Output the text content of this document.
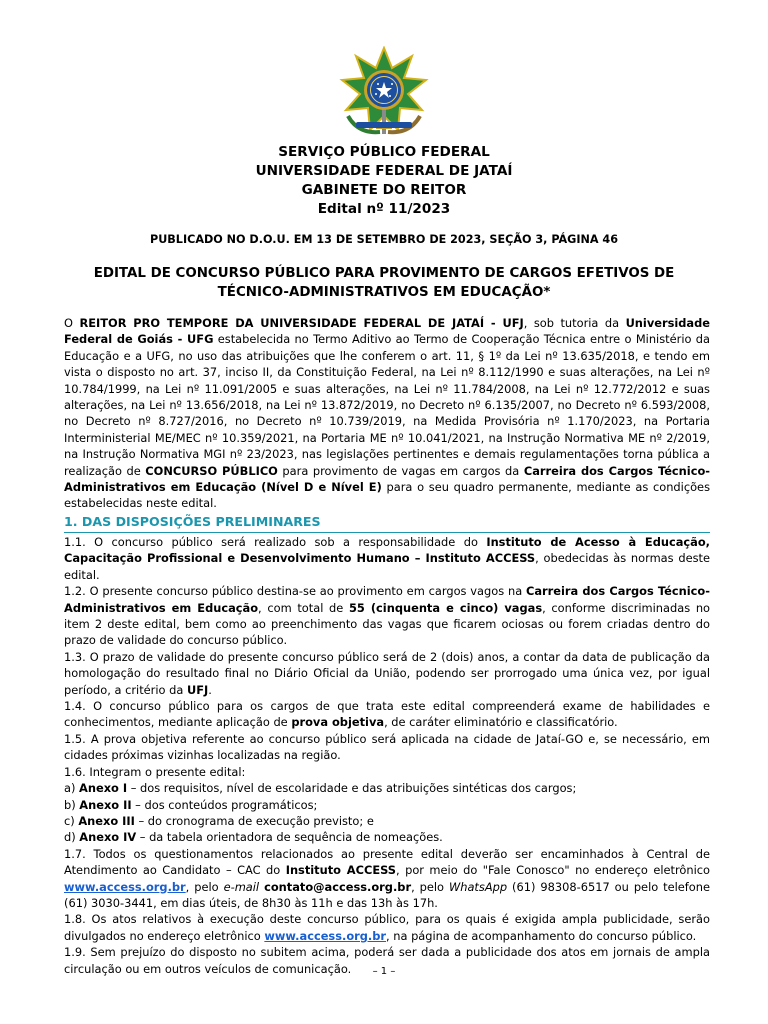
SERVIÇO PÚBLICO FEDERAL
UNIVERSIDADE FEDERAL DE JATAÍ
GABINETE DO REITOR
Edital nº 11/2023
PUBLICADO NO D.O.U. EM 13 DE SETEMBRO DE 2023, SEÇÃO 3, PÁGINA 46
EDITAL DE CONCURSO PÚBLICO PARA PROVIMENTO DE CARGOS EFETIVOS DE
TÉCNICO-ADMINISTRATIVOS EM EDUCAÇÃO*
O REITOR PRO TEMPORE DA UNIVERSIDADE FEDERAL DE JATAÍ - UFJ, sob tutoria da Universidade Federal de Goiás - UFG estabelecida no Termo Aditivo ao Termo de Cooperação Técnica entre o Ministério da Educação e a UFG, no uso das atribuições que lhe conferem o art. 11, § 1º da Lei nº 13.635/2018, e tendo em vista o disposto no art. 37, inciso II, da Constituição Federal, na Lei nº 8.112/1990 e suas alterações, na Lei nº 10.784/1999, na Lei nº 11.091/2005 e suas alterações, na Lei nº 11.784/2008, na Lei nº 12.772/2012 e suas alterações, na Lei nº 13.656/2018, na Lei nº 13.872/2019, no Decreto nº 6.135/2007, no Decreto nº 6.593/2008, no Decreto nº 8.727/2016, no Decreto nº 10.739/2019, na Medida Provisória nº 1.170/2023, na Portaria Interministerial ME/MEC nº 10.359/2021, na Portaria ME nº 10.041/2021, na Instrução Normativa ME nº 2/2019, na Instrução Normativa MGI nº 23/2023, nas legislações pertinentes e demais regulamentações torna pública a realização de CONCURSO PÚBLICO para provimento de vagas em cargos da Carreira dos Cargos Técnico-Administrativos em Educação (Nível D e Nível E) para o seu quadro permanente, mediante as condições estabelecidas neste edital.
1. DAS DISPOSIÇÕES PRELIMINARES

1.1. O concurso público será realizado sob a responsabilidade do Instituto de Acesso à Educação, Capacitação Profissional e Desenvolvimento Humano – Instituto ACCESS, obedecidas às normas deste edital.

1.2. O presente concurso público destina-se ao provimento em cargos vagos na Carreira dos Cargos Técnico-Administrativos em Educação, com total de 55 (cinquenta e cinco) vagas, conforme discriminadas no item 2 deste edital, bem como ao preenchimento das vagas que ficarem ociosas ou forem criadas dentro do prazo de validade do concurso público.

1.3. O prazo de validade do presente concurso público será de 2 (dois) anos, a contar da data de publicação da homologação do resultado final no Diário Oficial da União, podendo ser prorrogado uma única vez, por igual período, a critério da UFJ.

1.4. O concurso público para os cargos de que trata este edital compreenderá exame de habilidades e conhecimentos, mediante aplicação de prova objetiva, de caráter eliminatório e classificatório.

1.5. A prova objetiva referente ao concurso público será aplicada na cidade de Jataí-GO e, se necessário, em cidades próximas vizinhas localizadas na região.

1.6. Integram o presente edital:

a) Anexo I – dos requisitos, nível de escolaridade e das atribuições sintéticas dos cargos;

b) Anexo II – dos conteúdos programáticos;

c) Anexo III – do cronograma de execução previsto; e

d) Anexo IV – da tabela orientadora de sequência de nomeações.

1.7. Todos os questionamentos relacionados ao presente edital deverão ser encaminhados à Central de Atendimento ao Candidato – CAC do Instituto ACCESS, por meio do "Fale Conosco" no endereço eletrônico www.access.org.br, pelo e-mail contato@access.org.br, pelo WhatsApp (61) 98308-6517 ou pelo telefone (61) 3030-3441, em dias úteis, de 8h30 às 11h e das 13h às 17h.

1.8. Os atos relativos à execução deste concurso público, para os quais é exigida ampla publicidade, serão divulgados no endereço eletrônico www.access.org.br, na página de acompanhamento do concurso público.

1.9. Sem prejuízo do disposto no subitem acima, poderá ser dada a publicidade dos atos em jornais de ampla circulação ou em outros veículos de comunicação.	– 1 –
